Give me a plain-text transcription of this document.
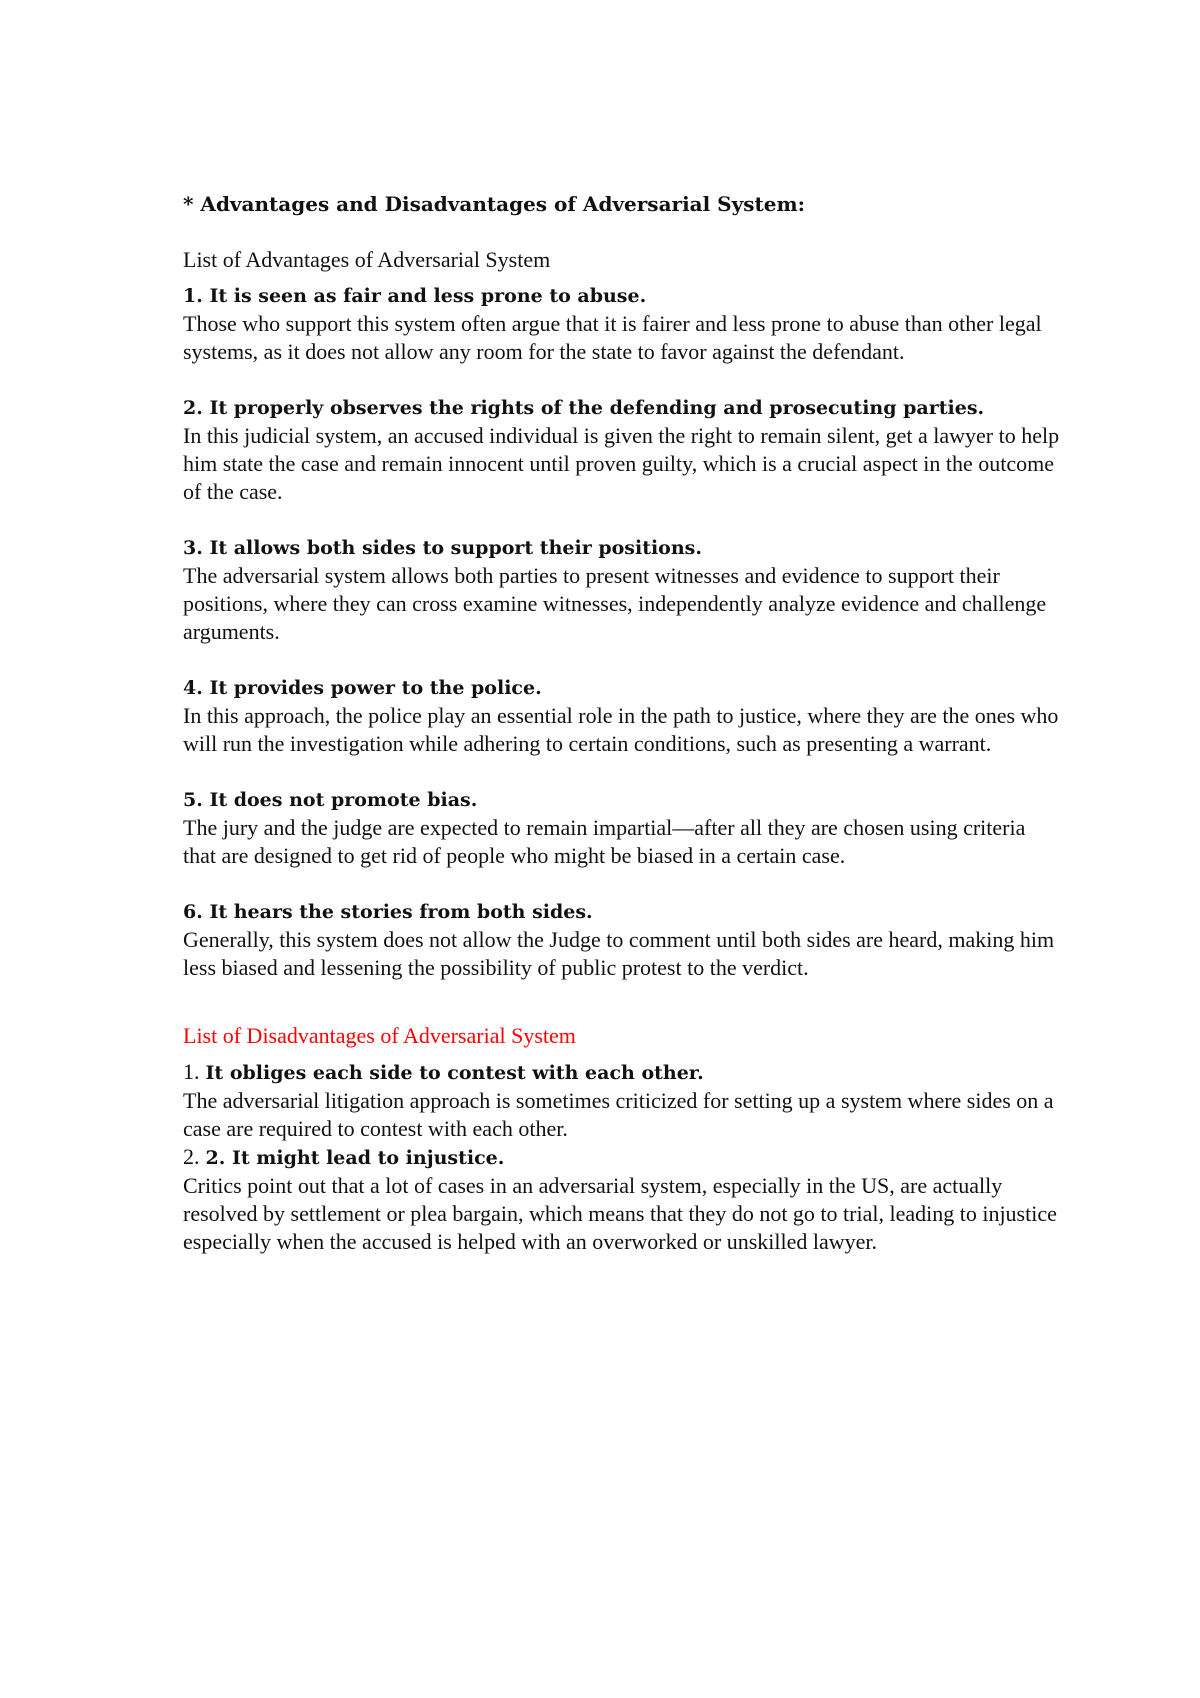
* Advantages and Disadvantages of Adversarial System:
List of Advantages of Adversarial System
1. It is seen as fair and less prone to abuse.
Those who support this system often argue that it is fairer and less prone to abuse than other legal systems, as it does not allow any room for the state to favor against the defendant.
2. It properly observes the rights of the defending and prosecuting parties.
In this judicial system, an accused individual is given the right to remain silent, get a lawyer to help him state the case and remain innocent until proven guilty, which is a crucial aspect in the outcome of the case.
3. It allows both sides to support their positions.
The adversarial system allows both parties to present witnesses and evidence to support their positions, where they can cross examine witnesses, independently analyze evidence and challenge arguments.
4. It provides power to the police.
In this approach, the police play an essential role in the path to justice, where they are the ones who will run the investigation while adhering to certain conditions, such as presenting a warrant.
5. It does not promote bias.
The jury and the judge are expected to remain impartial—after all they are chosen using criteria that are designed to get rid of people who might be biased in a certain case.
6. It hears the stories from both sides.
Generally, this system does not allow the Judge to comment until both sides are heard, making him less biased and lessening the possibility of public protest to the verdict.
List of Disadvantages of Adversarial System
1. It obliges each side to contest with each other.
The adversarial litigation approach is sometimes criticized for setting up a system where sides on a case are required to contest with each other.
2. 2. It might lead to injustice.
Critics point out that a lot of cases in an adversarial system, especially in the US, are actually resolved by settlement or plea bargain, which means that they do not go to trial, leading to injustice especially when the accused is helped with an overworked or unskilled lawyer.
